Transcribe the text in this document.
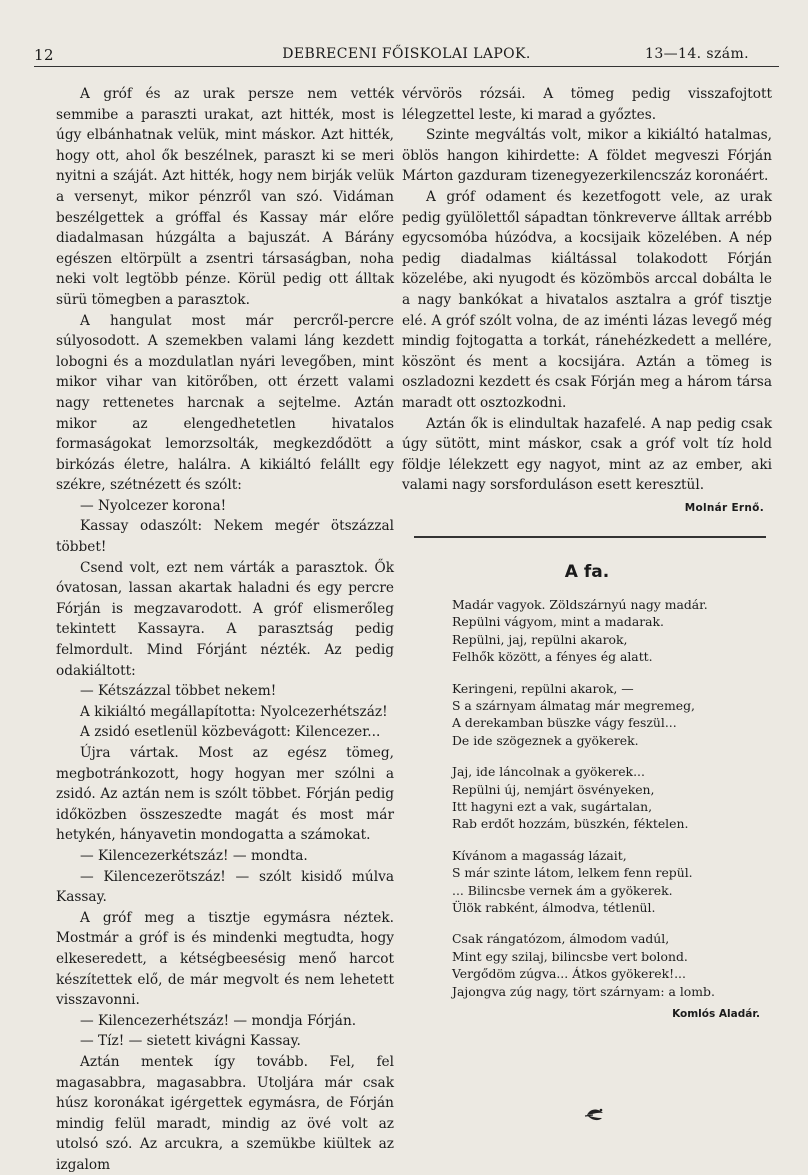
12	DEBRECENI FŐISKOLAI LAPOK.	13—14. szám.

A gróf és az urak persze nem vették semmibe a paraszti urakat, azt hitték, most is úgy elbánhatnak velük, mint máskor. Azt hitték, hogy ott, ahol ők beszélnek, paraszt ki se meri nyitni a száját. Azt hitték, hogy nem birják velük a versenyt, mikor pénzről van szó. Vidáman beszélgettek a gróffal és Kassay már előre diadalmasan húzgálta a bajuszát. A Bárány egészen eltörpült a zsentri társaságban, noha neki volt legtöbb pénze. Körül pedig ott álltak sürü tömegben a parasztok.

A hangulat most már percről-percre súlyosodott. A szemekben valami láng kezdett lobogni és a mozdulatlan nyári levegőben, mint mikor vihar van kitörőben, ott érzett valami nagy rettenetes harcnak a sejtelme. Aztán mikor az elengedhetetlen hivatalos formaságokat lemorzsolták, megkezdődött a birkózás életre, halálra. A kikiáltó felállt egy székre, szétnézett és szólt:

— Nyolcezer korona!

Kassay odaszólt: Nekem megér ötszázzal többet!

Csend volt, ezt nem várták a parasztok. Ők óvatosan, lassan akartak haladni és egy percre Fórján is megzavarodott. A gróf elismerőleg tekintett Kassayra. A parasztság pedig felmordult. Mind Fórjánt nézték. Az pedig odakiáltott:

— Kétszázzal többet nekem!

A kikiáltó megállapította: Nyolcezerhétszáz!

A zsidó esetlenül közbevágott: Kilencezer...

Újra vártak. Most az egész tömeg, megbotránkozott, hogy hogyan mer szólni a zsidó. Az aztán nem is szólt többet. Fórján pedig időközben összeszedte magát és most már hetykén, hányavetin mondogatta a számokat.

— Kilencezerkétszáz! — mondta.

— Kilencezerötszáz! — szólt kisidő múlva Kassay.

A gróf meg a tisztje egymásra néztek. Mostmár a gróf is és mindenki megtudta, hogy elkeseredett, a kétségbeesésig menő harcot készítettek elő, de már megvolt és nem lehetett visszavonni.

— Kilencezerhétszáz! — mondja Fórján.

— Tíz! — sietett kivágni Kassay.

Aztán mentek így tovább. Fel, fel magasabbra, magasabbra. Utoljára már csak húsz koronákat igérgettek egymásra, de Fórján mindig felül maradt, mindig az övé volt az utolsó szó. Az arcukra, a szemükbe kiültek az izgalom

vérvörös rózsái. A tömeg pedig visszafojtott lélegzettel leste, ki marad a győztes.

Szinte megváltás volt, mikor a kikiáltó hatalmas, öblös hangon kihirdette: A földet megveszi Fórján Márton gazduram tizenegyezerkilencszáz koronáért.

A gróf odament és kezetfogott vele, az urak pedig gyülölettől sápadtan tönkreverve álltak arrébb egycsomóba húzódva, a kocsijaik közelében. A nép pedig diadalmas kiáltással tolakodott Fórján közelébe, aki nyugodt és közömbös arccal dobálta le a nagy bankókat a hivatalos asztalra a gróf tisztje elé. A gróf szólt volna, de az iménti lázas levegő még mindig fojtogatta a torkát, ránehézkedett a mellére, köszönt és ment a kocsijára. Aztán a tömeg is oszladozni kezdett és csak Fórján meg a három társa maradt ott osztozkodni.

Aztán ők is elindultak hazafelé. A nap pedig csak úgy sütött, mint máskor, csak a gróf volt tíz hold földje lélekzett egy nagyot, mint az az ember, aki valami nagy sorsforduláson esett keresztül.

Molnár Ernő.
A fa.
Madár vagyok. Zöldszárnyú nagy madár.
Repülni vágyom, mint a madarak.
Repülni, jaj, repülni akarok,
Felhők között, a fényes ég alatt.
Keringeni, repülni akarok, —
S a szárnyam álmatag már megremeg,
A derekamban büszke vágy feszül...
De ide szögeznek a gyökerek.
Jaj, ide láncolnak a gyökerek...
Repülni új, nemjárt ösvényeken,
Itt hagyni ezt a vak, sugártalan,
Rab erdőt hozzám, büszkén, féktelen.
Kívánom a magasság lázait,
S már szinte látom, lelkem fenn repül.
... Bilincsbe vernek ám a gyökerek.
Ülök rabként, álmodva, tétlenül.
Csak rángatózom, álmodom vadúl,
Mint egy szilaj, bilincsbe vert bolond.
Vergődöm zúgva... Átkos gyökerek!...
Jajongva zúg nagy, tört szárnyam: a lomb.
Komlós Aladár.
